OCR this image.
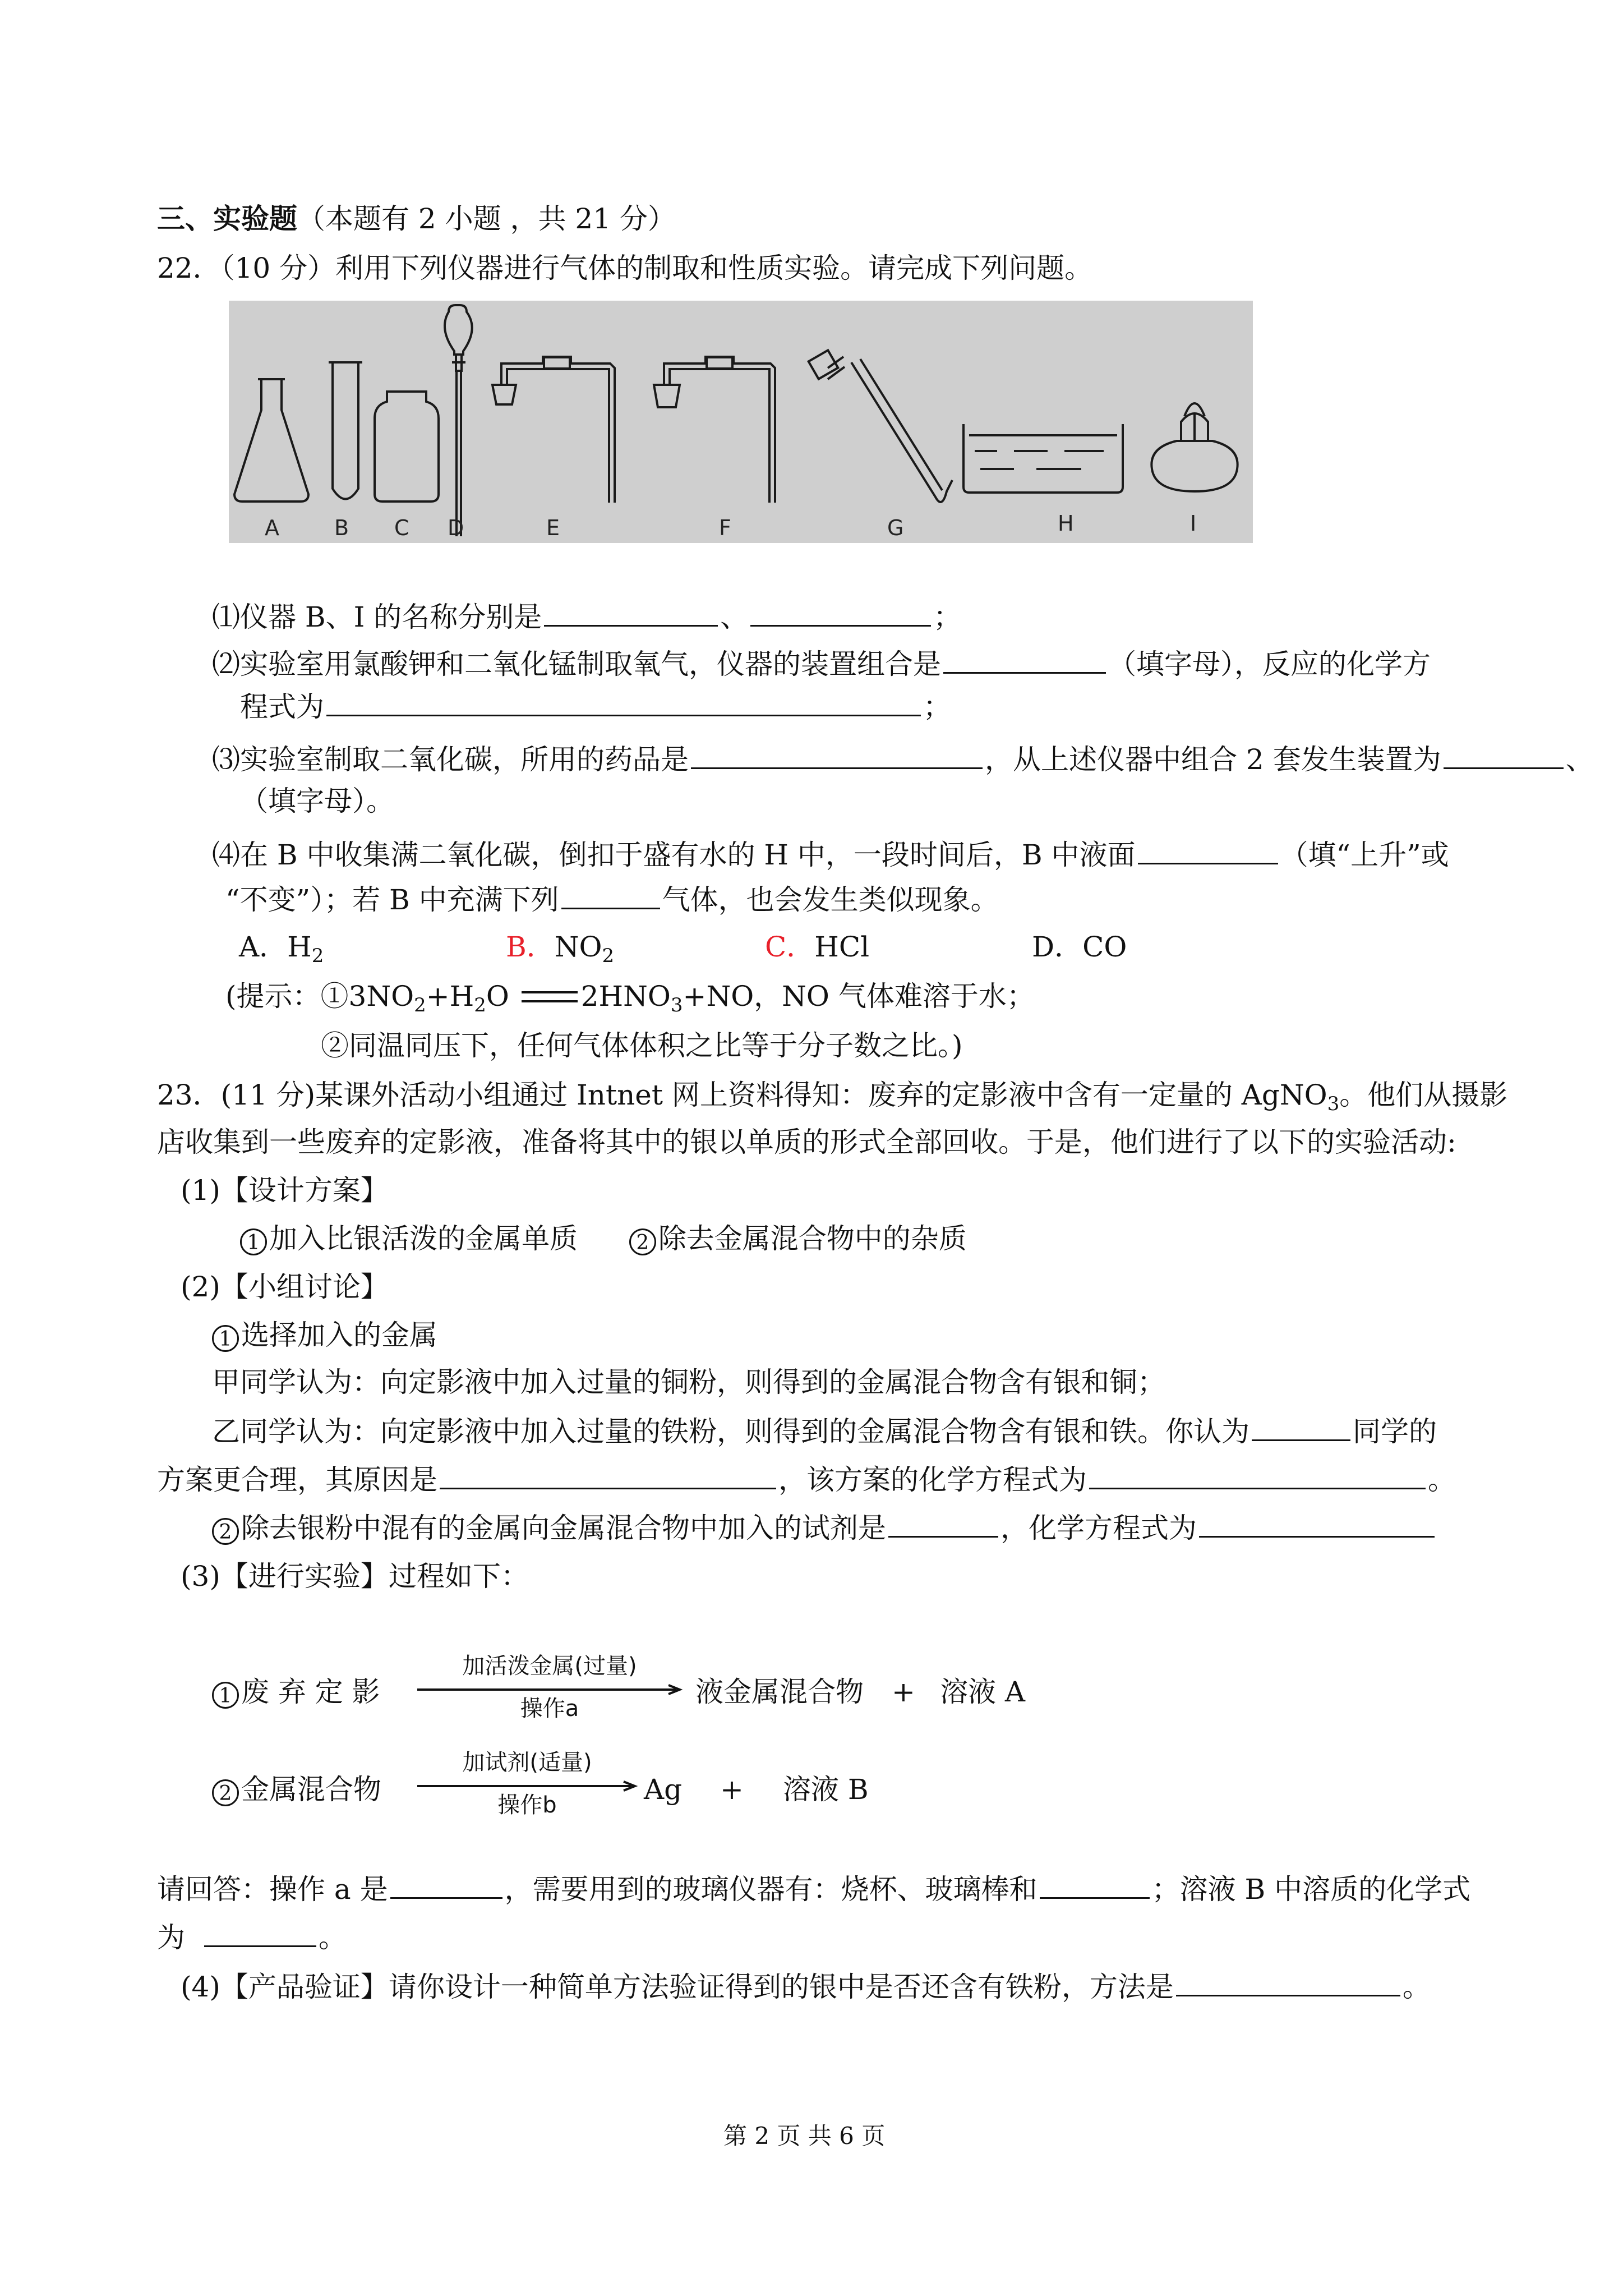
三、实验题（本题有 2 小题 ，共 21 分）
22．（10 分）利用下列仪器进行气体的制取和性质实验。请完成下列问题。
A	B C D	E	F	G	H	I
⑴仪器 B、I 的名称分别是	、	；
⑵实验室用氯酸钾和二氧化锰制取氧气，仪器的装置组合是	（填字母），反应的化学方
程式为	；
⑶实验室制取二氧化碳，所用的药品是	，从上述仪器中组合 2 套发生装置为	、
（填字母）。
⑷在 B 中收集满二氧化碳，倒扣于盛有水的 H 中，一段时间后，B 中液面	（填“上升”或
“不变”）；若 B 中充满下列	气体，也会发生类似现象。
A．$H_2$	B．$NO_2$	C．HCl	D．CO
(提示：$①3NO_2+H_2O$	$2HNO_3+NO$，NO 气体难溶于水；
②同温同压下，任何气体体积之比等于分子数之比。)
23．(11 分)某课外活动小组通过 Intnet 网上资料得知：废弃的定影液中含有一定量的 AgNO$_3$。他们从摄影
店收集到一些废弃的定影液，准备将其中的银以单质的形式全部回收。于是，他们进行了以下的实验活动:
(1)【设计方案】
1 加入比银活泼的金属单质	2 除去金属混合物中的杂质
(2)【小组讨论】
1 选择加入的金属
甲同学认为：向定影液中加入过量的铜粉，则得到的金属混合物含有银和铜；
乙同学认为：向定影液中加入过量的铁粉，则得到的金属混合物含有银和铁。你认为	同学的
方案更合理，其原因是	，该方案的化学方程式为	。
2 除去银粉中混有的金属向金属混合物中加入的试剂是	，化学方程式为
(3)【进行实验】过程如下：
1 废 弃 定 影
加活泼金属(过量)
操作a
液金属混合物 + 溶液 A
2 金属混合物
加试剂(适量)
操作b	Ag + 溶液 B
请回答：操作 a 是	，需要用到的玻璃仪器有：烧杯、玻璃棒和	；溶液 B 中溶质的化学式
为	。
(4)【产品验证】请你设计一种简单方法验证得到的银中是否还含有铁粉，方法是	。
第 2 页 共 6 页
